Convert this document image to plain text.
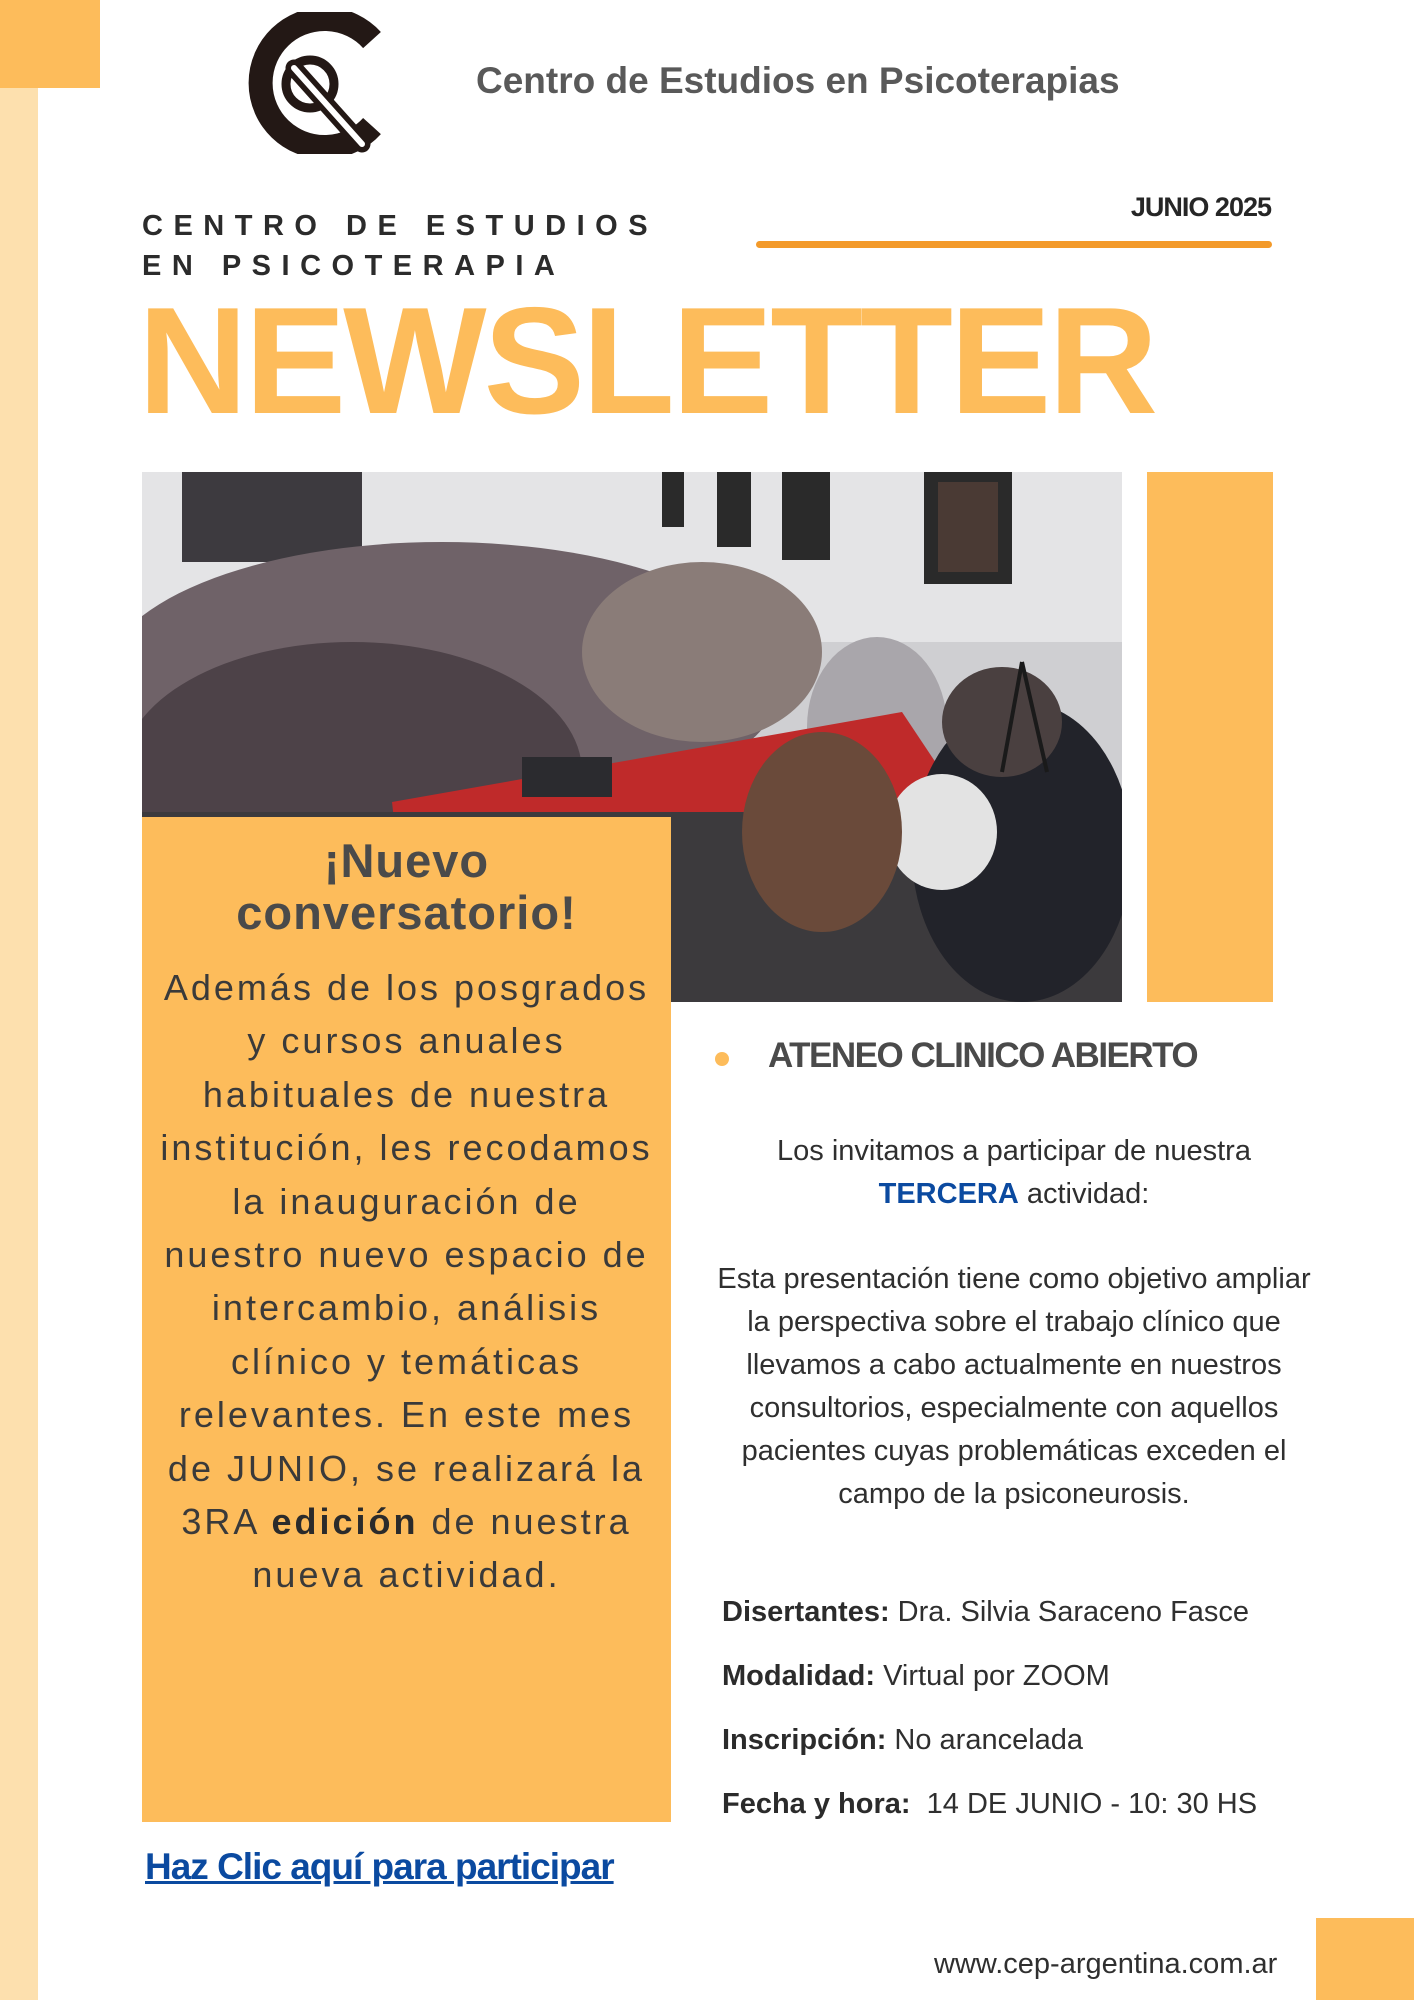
Centro de Estudios en Psicoterapias
CENTRO DE ESTUDIOS
EN PSICOTERAPIA
JUNIO 2025
NEWSLETTER
¡Nuevo conversatorio!

Además de los posgrados y cursos anuales habituales de nuestra institución, les recodamos la inauguración de nuestro nuevo espacio de intercambio, análisis clínico y temáticas relevantes. En este mes de JUNIO, se realizará la 3RA edición de nuestra nueva actividad.

Haz Clic aquí para participar
ATENEO CLINICO ABIERTO

Los invitamos a participar de nuestra
TERCERA actividad:

Esta presentación tiene como objetivo ampliar la perspectiva sobre el trabajo clínico que llevamos a cabo actualmente en nuestros consultorios, especialmente con aquellos pacientes cuyas problemáticas exceden el campo de la psiconeurosis.

Disertantes: Dra. Silvia Saraceno Fasce
Modalidad: Virtual por ZOOM
Inscripción: No arancelada
Fecha y hora:  14 DE JUNIO - 10: 30 HS
www.cep-argentina.com.ar
